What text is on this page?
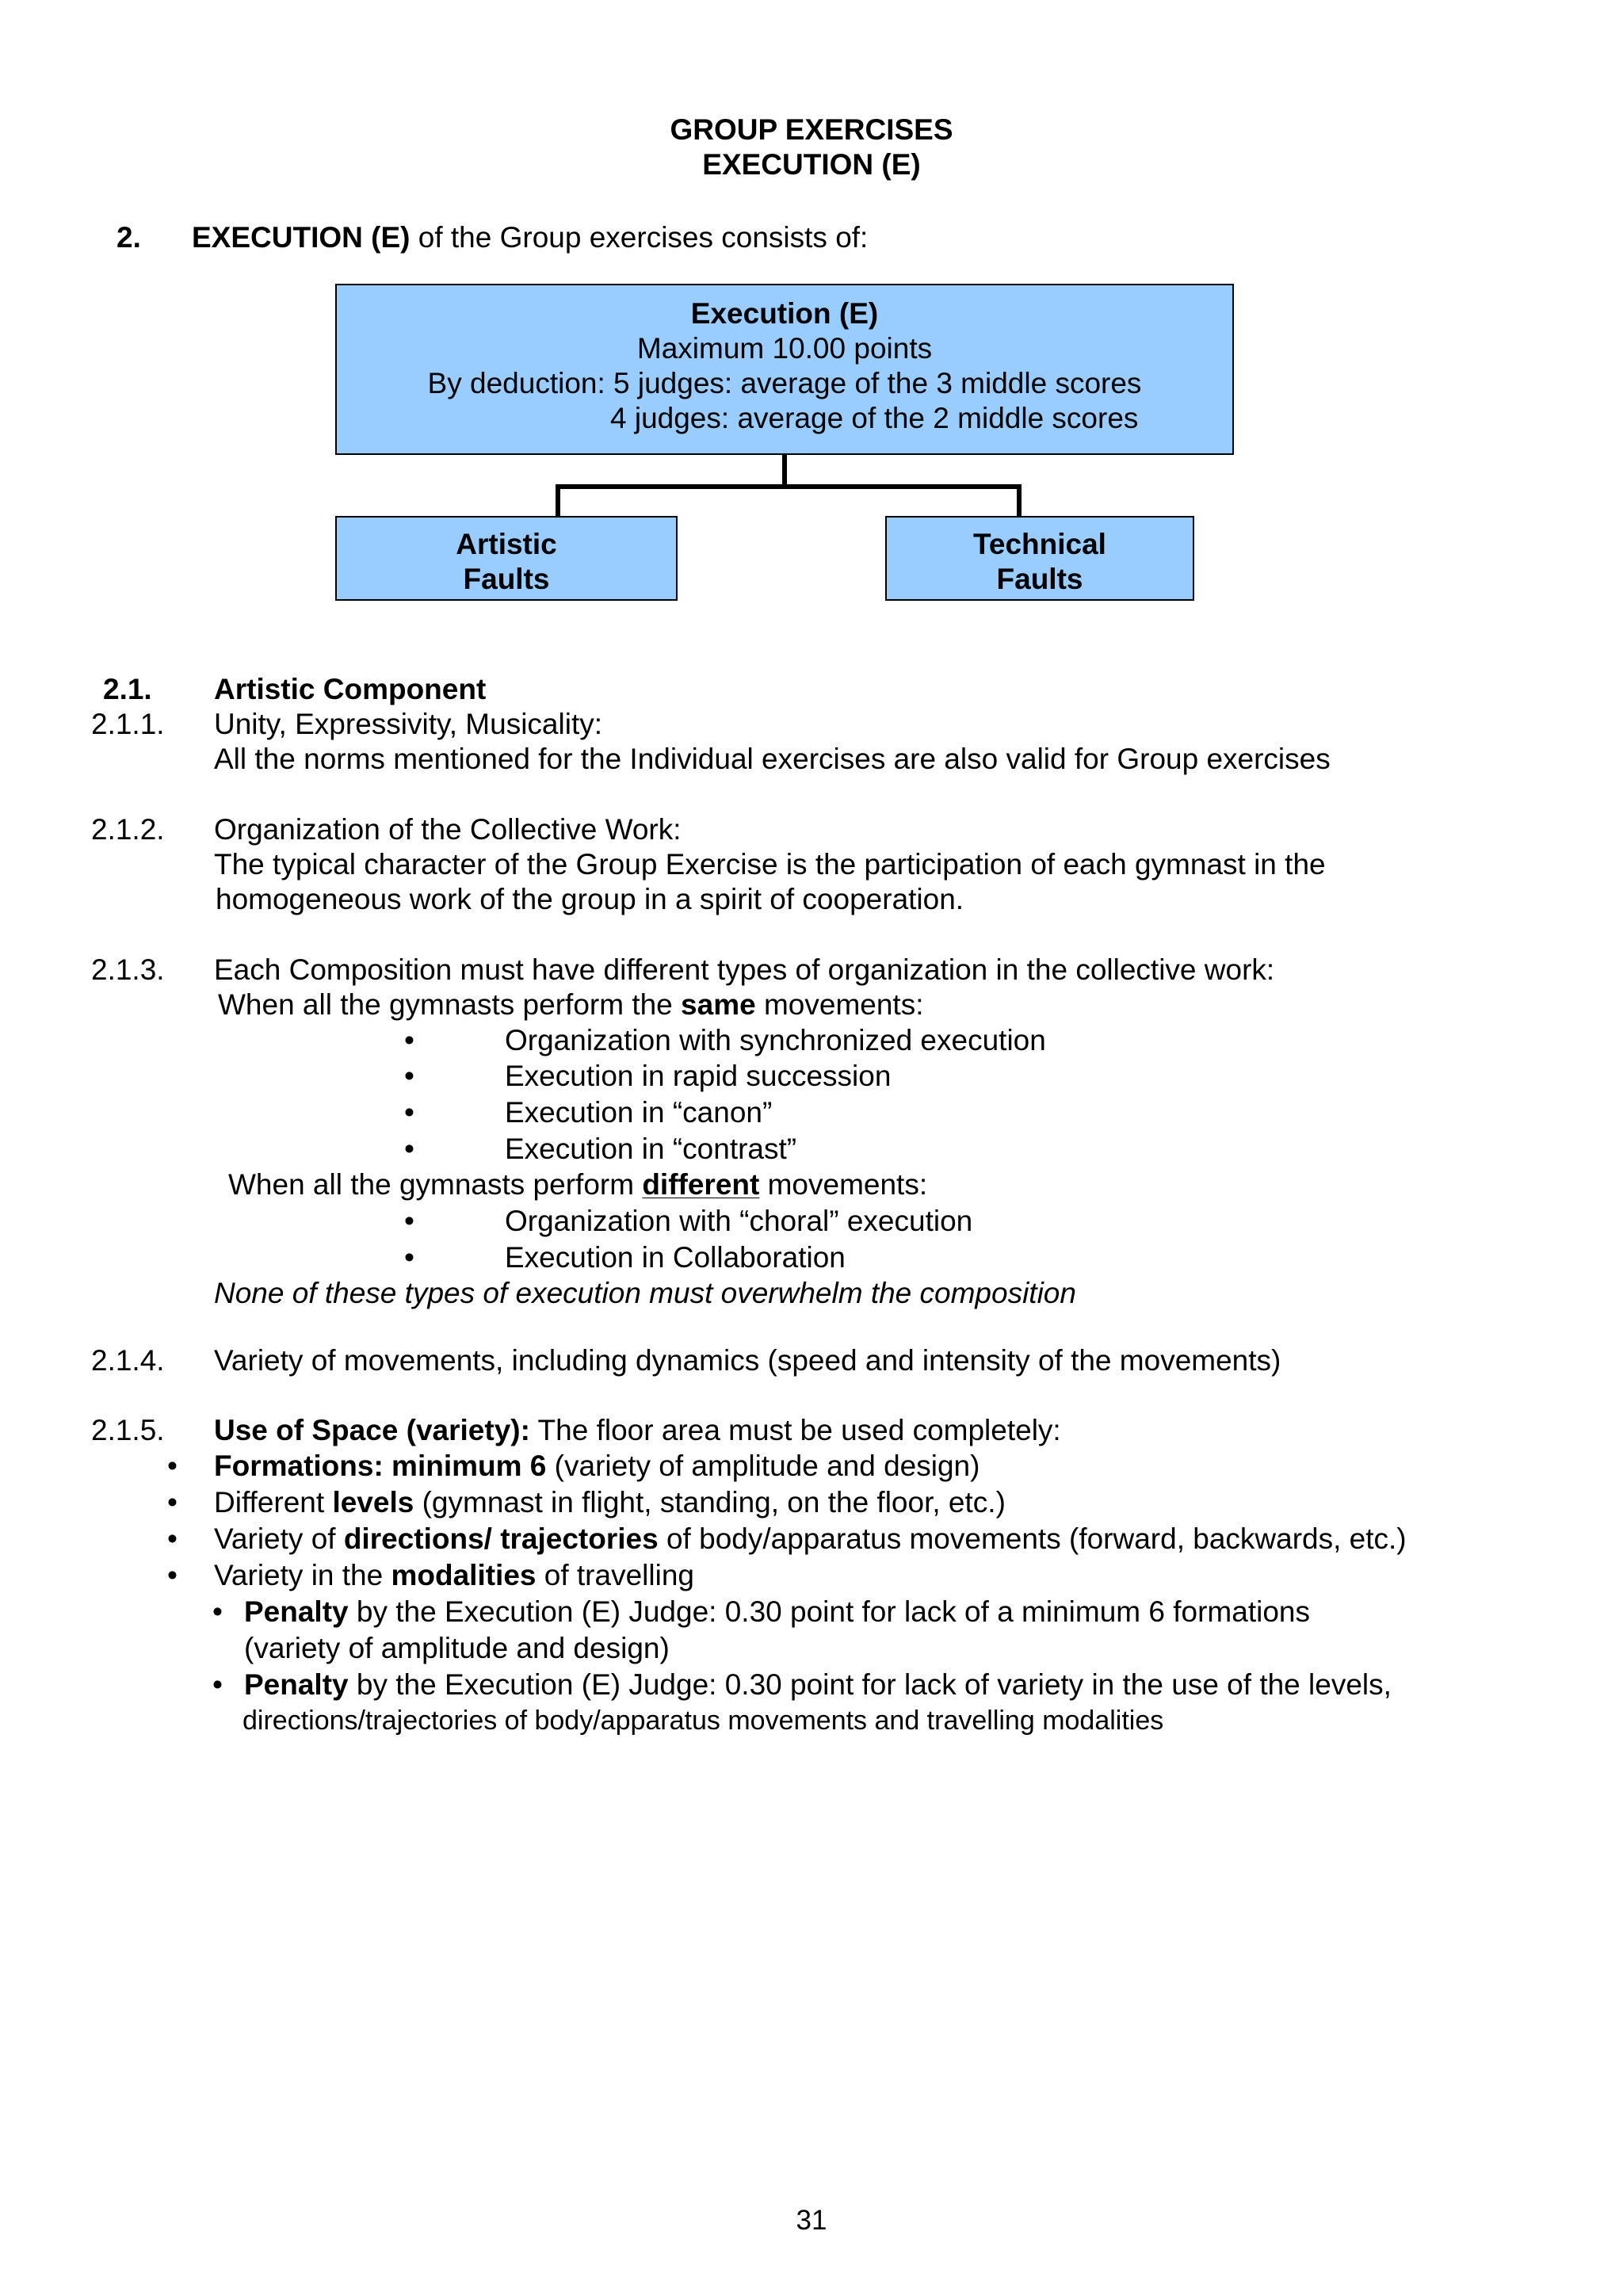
GROUP EXERCISES
EXECUTION (E)
2. EXECUTION (E) of the Group exercises consists of:
Execution (E)
Maximum 10.00 points
By deduction: 5 judges: average of the 3 middle scores
4 judges: average of the 2 middle scores
Artistic
Faults
Technical
Faults
2.1. Artistic Component
2.1.1. Unity, Expressivity, Musicality:
All the norms mentioned for the Individual exercises are also valid for Group exercises
2.1.2. Organization of the Collective Work:
The typical character of the Group Exercise is the participation of each gymnast in the
homogeneous work of the group in a spirit of cooperation.
2.1.3. Each Composition must have different types of organization in the collective work:
When all the gymnasts perform the same movements:
•	Organization with synchronized execution
•	Execution in rapid succession
•	Execution in “canon”
•	Execution in “contrast”
When all the gymnasts perform different movements:
•	Organization with “choral” execution
•	Execution in Collaboration
None of these types of execution must overwhelm the composition
2.1.4. Variety of movements, including dynamics (speed and intensity of the movements)
2.1.5. Use of Space (variety): The floor area must be used completely:
• Formations: minimum 6 (variety of amplitude and design)
• Different levels (gymnast in flight, standing, on the floor, etc.)
• Variety of directions/ trajectories of body/apparatus movements (forward, backwards, etc.)
• Variety in the modalities of travelling
• Penalty by the Execution (E) Judge: 0.30 point for lack of a minimum 6 formations
(variety of amplitude and design)
• Penalty by the Execution (E) Judge: 0.30 point for lack of variety in the use of the levels,
directions/trajectories of body/apparatus movements and travelling modalities
31
